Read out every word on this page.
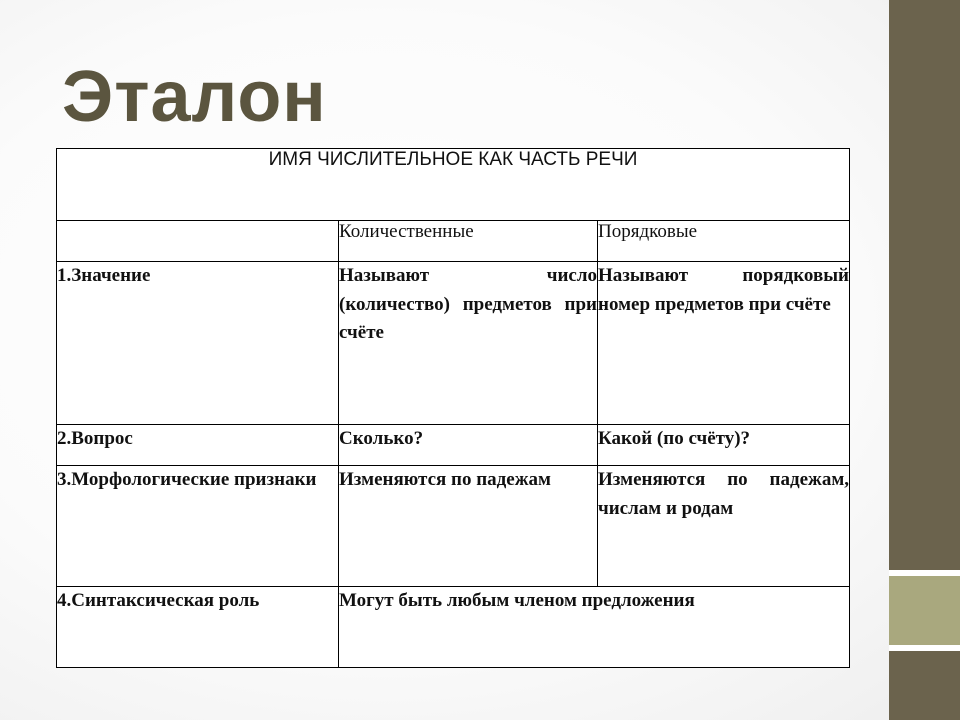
Эталон
ИМЯ ЧИСЛИТЕЛЬНОЕ КАК ЧАСТЬ РЕЧИ		
	Количественные	Порядковые
1.Значение	Называют число (количество) предметов при счёте	Называют порядковый номер предметов при счёте
2.Вопрос	Сколько?	Какой (по счёту)?
3.Морфологические признаки	Изменяются по падежам	Изменяются по падежам, числам и родам
4.Синтаксическая роль	Могут быть любым членом предложения	
